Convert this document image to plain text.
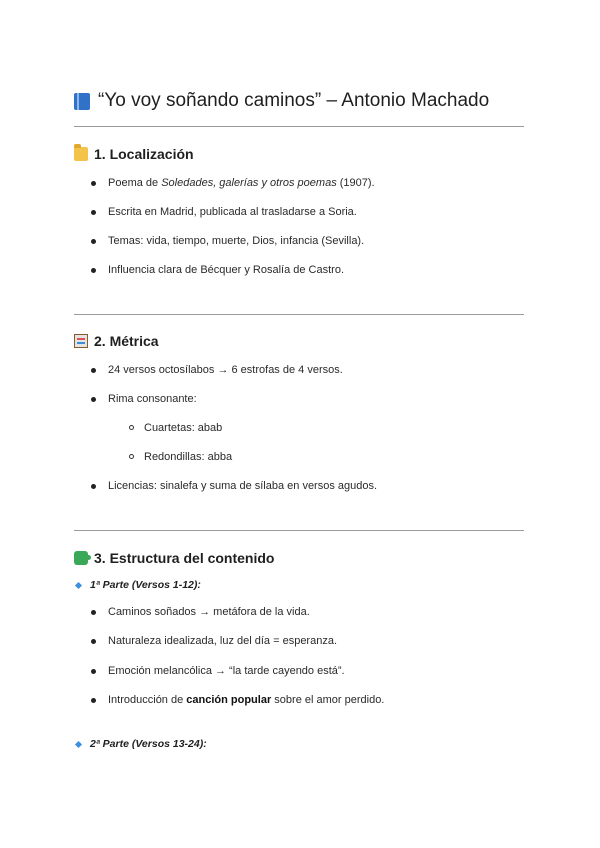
“Yo voy soñando caminos” – Antonio Machado
1. Localización
Poema de Soledades, galerías y otros poemas (1907).
Escrita en Madrid, publicada al trasladarse a Soria.
Temas: vida, tiempo, muerte, Dios, infancia (Sevilla).
Influencia clara de Bécquer y Rosalía de Castro.
2. Métrica
24 versos octosílabos → 6 estrofas de 4 versos.
Rima consonante:
Cuartetas: abab
Redondillas: abba
Licencias: sinalefa y suma de sílaba en versos agudos.
3. Estructura del contenido
1ª Parte (Versos 1-12):
Caminos soñados → metáfora de la vida.
Naturaleza idealizada, luz del día = esperanza.
Emoción melancólica → “la tarde cayendo está”.
Introducción de canción popular sobre el amor perdido.
2ª Parte (Versos 13-24):
